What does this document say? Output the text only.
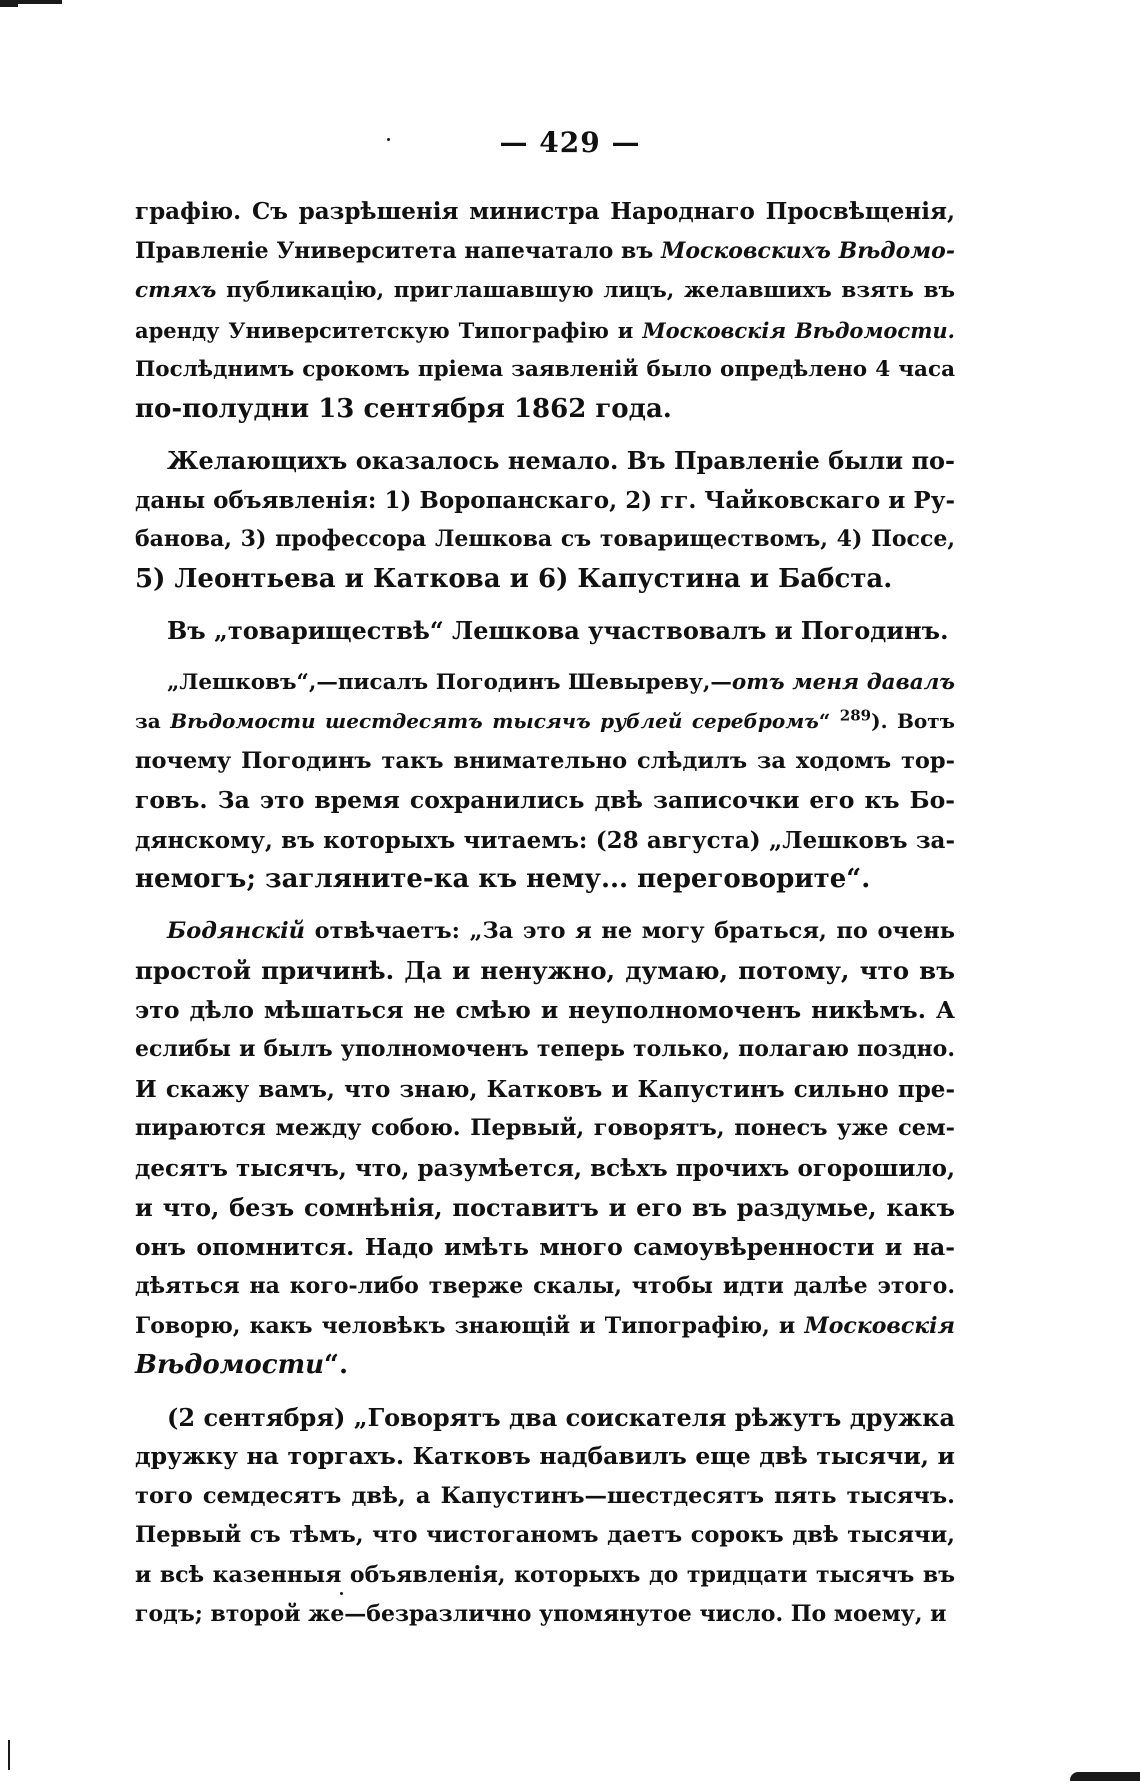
— 429 —
графію. Съ разрѣшенія министра Народнаго Просвѣщенія,
Правленіе Университета напечатало въ Московскихъ Вѣдомо-
стяхъ публикацію, приглашавшую лицъ, желавшихъ взять въ
аренду Университетскую Типографію и Московскія Вѣдомости.
Послѣднимъ срокомъ пріема заявленій было опредѣлено 4 часа
по-полудни 13 сентября 1862 года.
Желающихъ оказалось немало. Въ Правленіе были по-
даны объявленія: 1) Воропанскаго, 2) гг. Чайковскаго и Ру-
банова, 3) профессора Лешкова съ товариществомъ, 4) Поссе,
5) Леонтьева и Каткова и 6) Капустина и Бабста.
Въ „товариществѣ“ Лешкова участвовалъ и Погодинъ.
„Лешковъ“,—писалъ Погодинъ Шевыреву,—отъ меня давалъ
за Вѣдомости шестдесятъ тысячъ рублей серебромъ“ $^{289}$). Вотъ
почему Погодинъ такъ внимательно слѣдилъ за ходомъ тор-
говъ. За это время сохранились двѣ записочки его къ Бо-
дянскому, въ которыхъ читаемъ: (28 августа) „Лешковъ за-
немогъ; загляните-ка къ нему... переговорите“.
Бодянскій отвѣчаетъ: „За это я не могу браться, по очень
простой причинѣ. Да и ненужно, думаю, потому, что въ
это дѣло мѣшаться не смѣю и неуполномоченъ никѣмъ. А
еслибы и былъ уполномоченъ теперь только, полагаю поздно.
И скажу вамъ, что знаю, Катковъ и Капустинъ сильно пре-
пираются между собою. Первый, говорятъ, понесъ уже сем-
десятъ тысячъ, что, разумѣется, всѣхъ прочихъ огорошило,
и что, безъ сомнѣнія, поставитъ и его въ раздумье, какъ
онъ опомнится. Надо имѣть много самоувѣренности и на-
дѣяться на кого-либо тверже скалы, чтобы идти далѣе этого.
Говорю, какъ человѣкъ знающій и Типографію, и Московскія
Вѣдомости“.
(2 сентября) „Говорятъ два соискателя рѣжутъ дружка
дружку на торгахъ. Катковъ надбавилъ еще двѣ тысячи, и
того семдесятъ двѣ, а Капустинъ—шестдесятъ пять тысячъ.
Первый съ тѣмъ, что чистоганомъ даетъ сорокъ двѣ тысячи,
и всѣ казенныя объявленія, которыхъ до тридцати тысячъ въ
годъ; второй же—безразлично упомянутое число. По моему, и
